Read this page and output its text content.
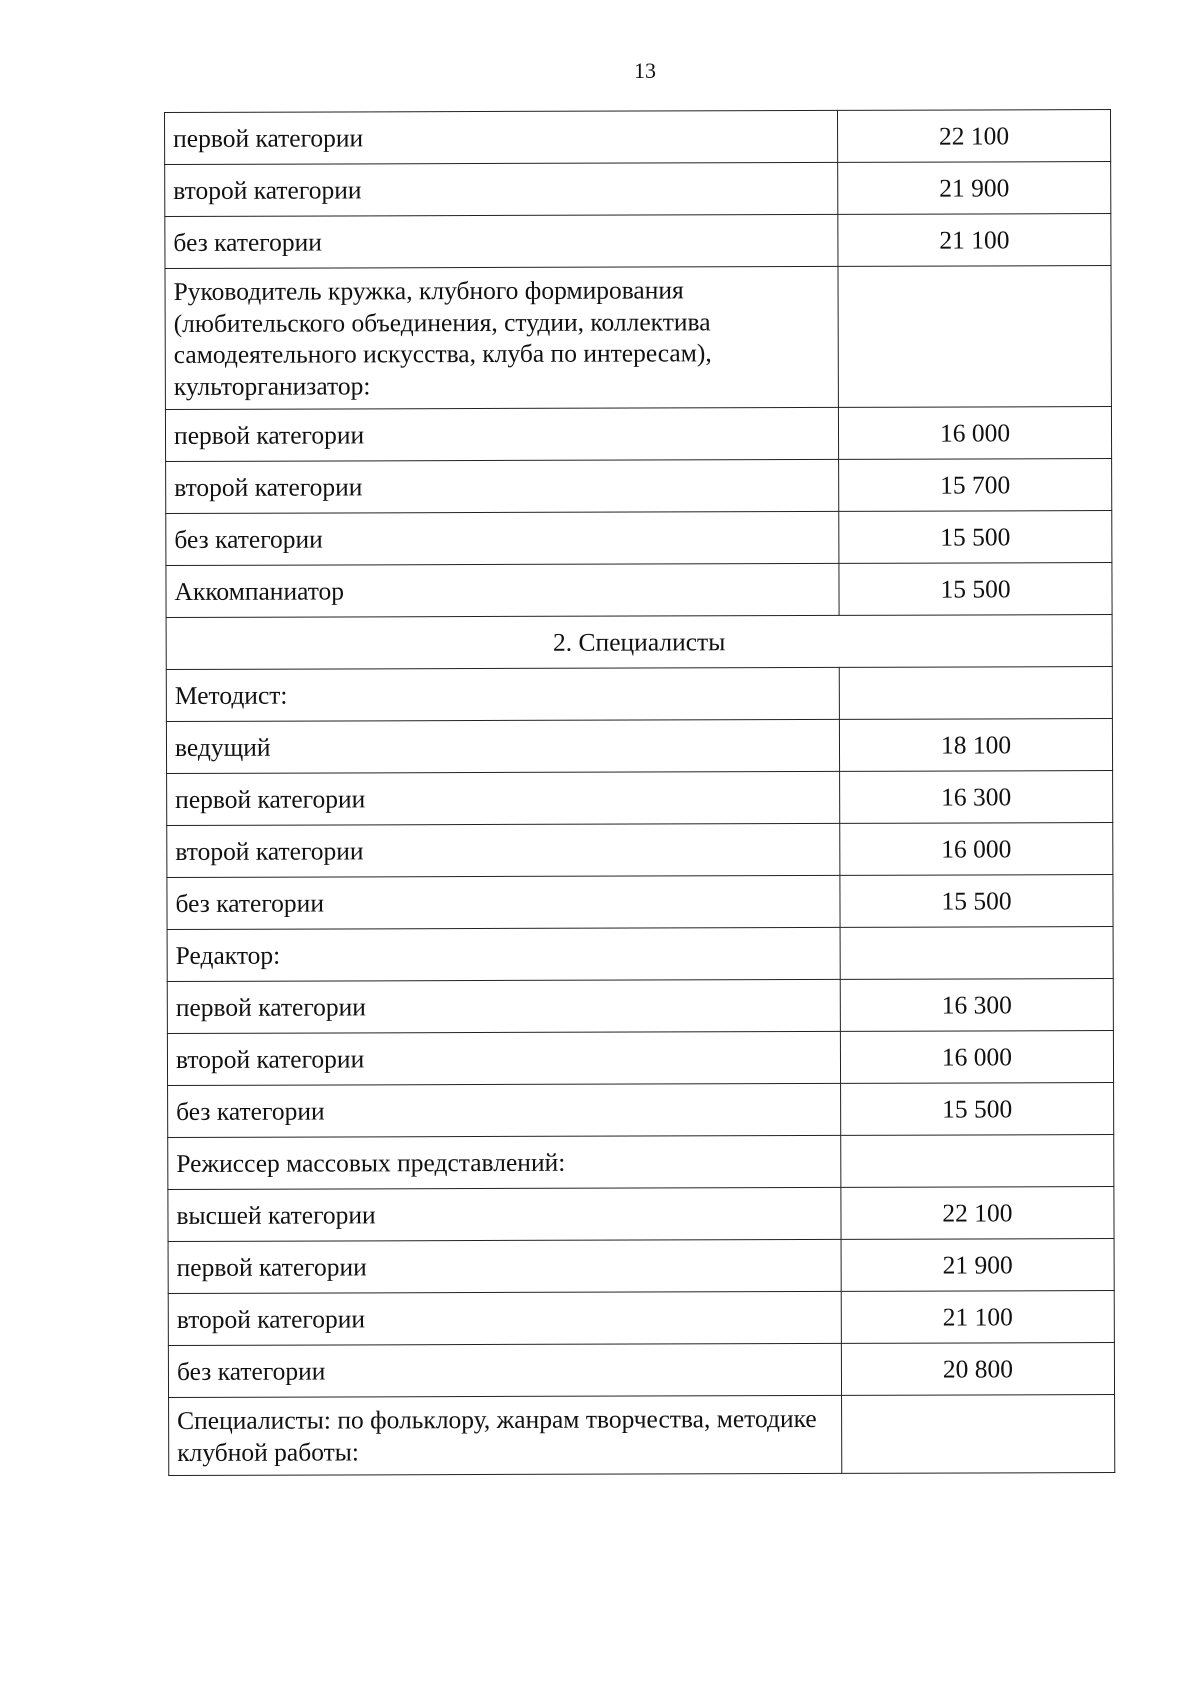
13
первой категории	22 100
второй категории	21 900
без категории	21 100
Руководитель кружка, клубного формирования (любительского объединения, студии, коллектива самодеятельного искусства, клуба по интересам), культорганизатор:	
первой категории	16 000
второй категории	15 700
без категории	15 500
Аккомпаниатор	15 500
2. Специалисты	
Методист:	
ведущий	18 100
первой категории	16 300
второй категории	16 000
без категории	15 500
Редактор:	
первой категории	16 300
второй категории	16 000
без категории	15 500
Режиссер массовых представлений:	
высшей категории	22 100
первой категории	21 900
второй категории	21 100
без категории	20 800
Специалисты: по фольклору, жанрам творчества, методике клубной работы:	
